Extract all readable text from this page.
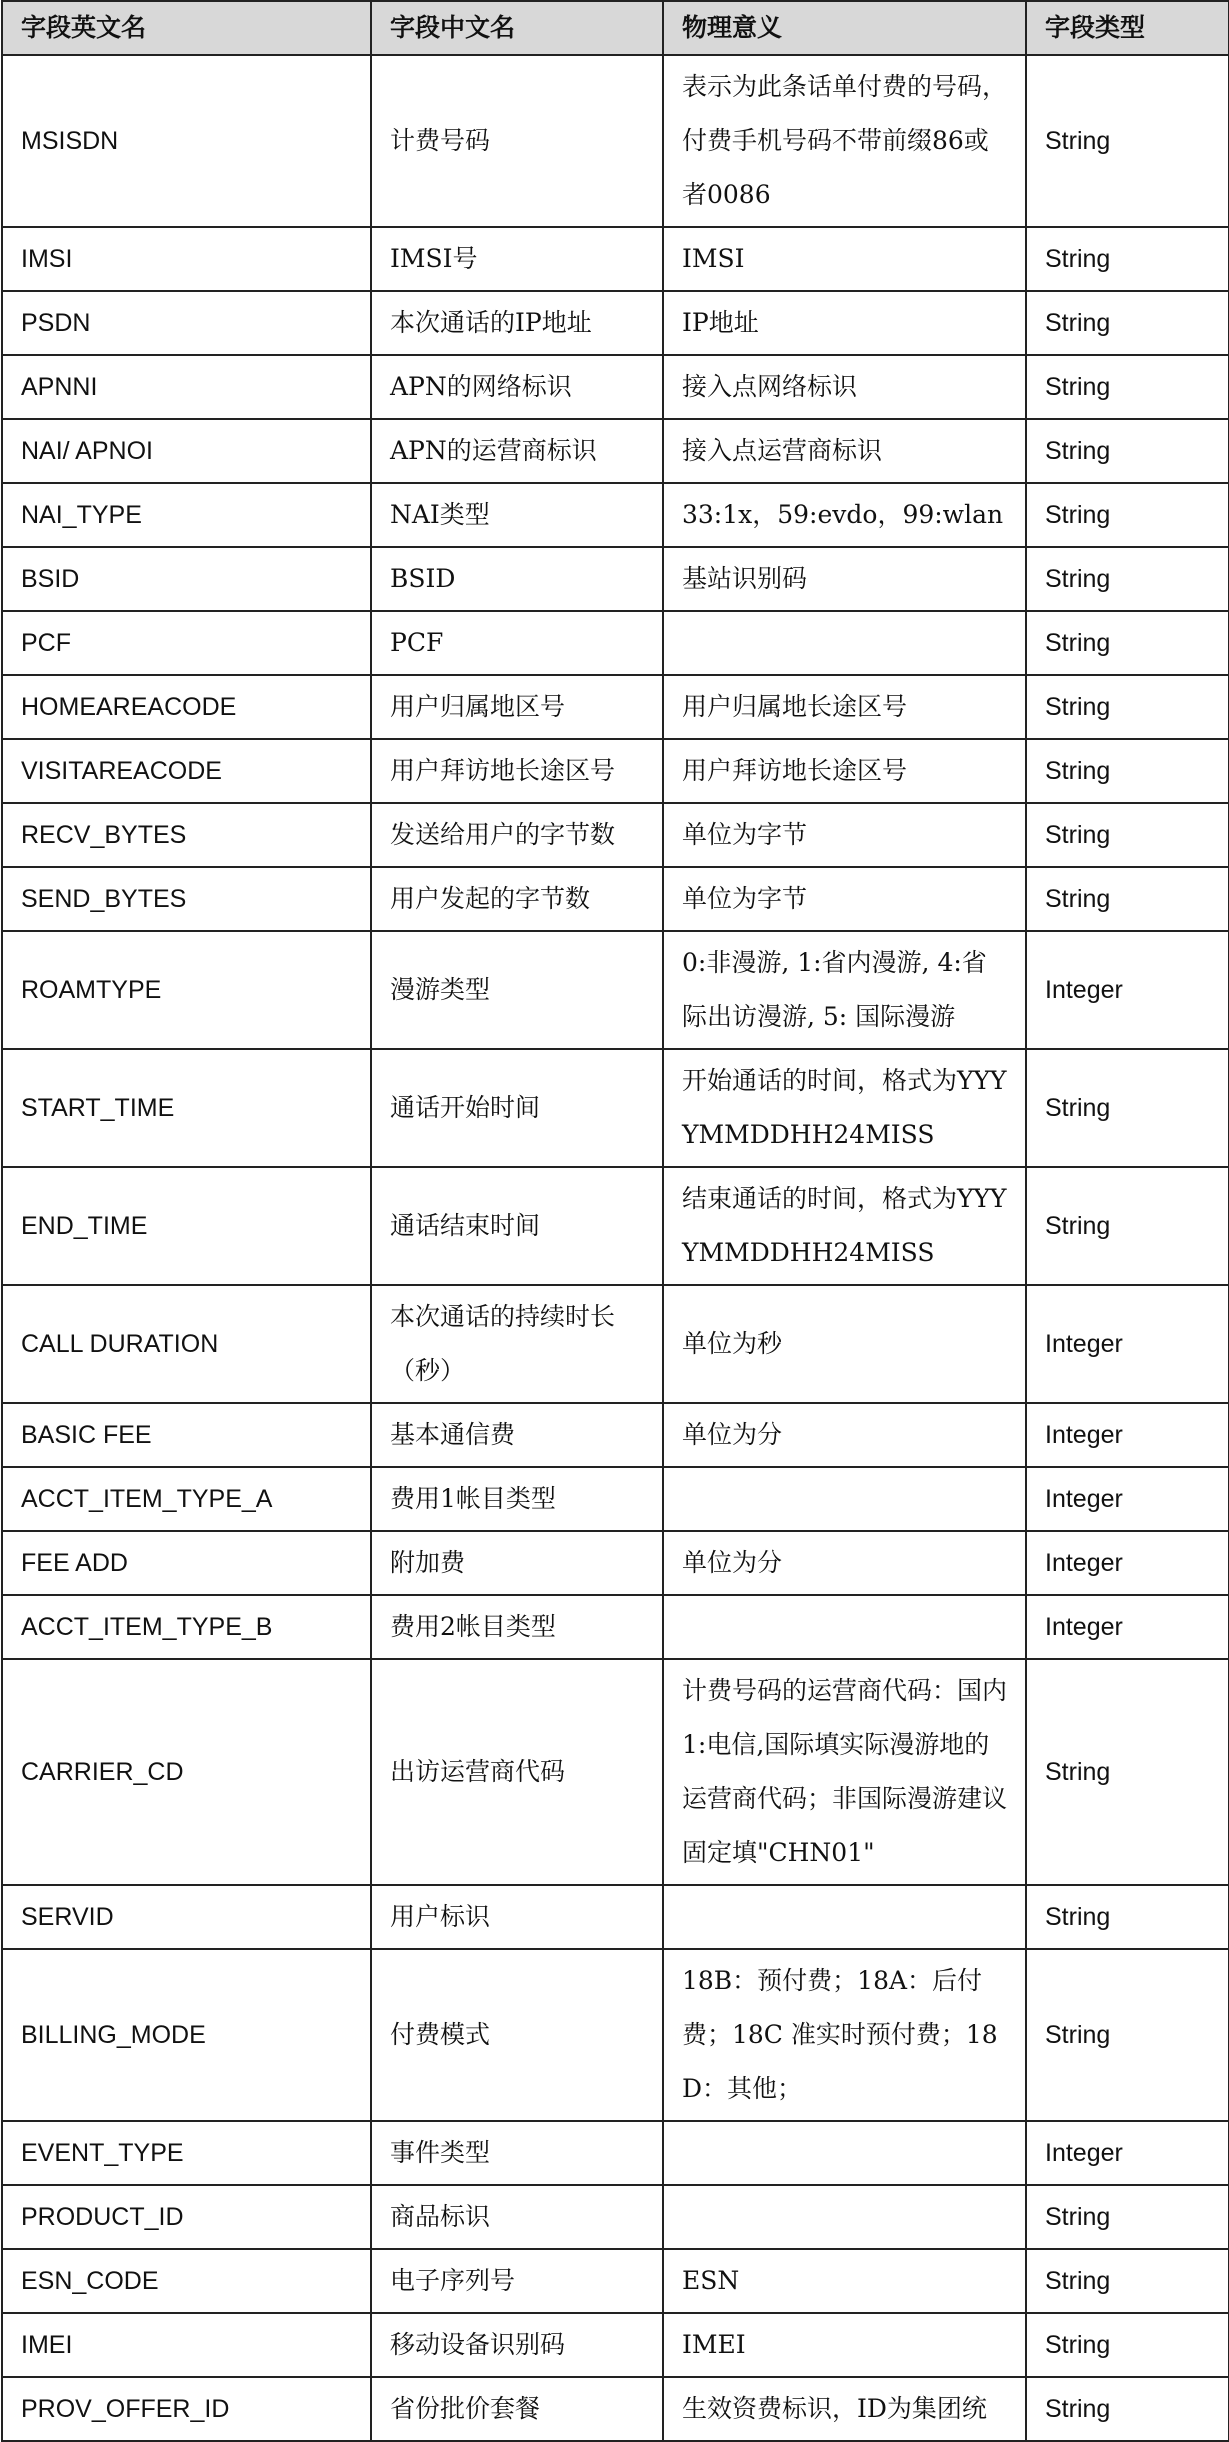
字段英文名	字段中文名	物理意义	字段类型
MSISDN	计费号码	表示为此条话单付费的号码，付费手机号码不带前缀86或者0086	String
IMSI	IMSI号	IMSI	String
PSDN	本次通话的IP地址	IP地址	String
APNNI	APN的网络标识	接入点网络标识	String
NAI/ APNOI	APN的运营商标识	接入点运营商标识	String
NAI_TYPE	NAI类型	33:1x，59:evdo，99:wlan	String
BSID	BSID	基站识别码	String
PCF	PCF		String
HOMEAREACODE	用户归属地区号	用户归属地长途区号	String
VISITAREACODE	用户拜访地长途区号	用户拜访地长途区号	String
RECV_BYTES	发送给用户的字节数	单位为字节	String
SEND_BYTES	用户发起的字节数	单位为字节	String
ROAMTYPE	漫游类型	0:非漫游, 1:省内漫游, 4:省际出访漫游, 5: 国际漫游	Integer
START_TIME	通话开始时间	开始通话的时间，格式为YYYYMMDDHH24MISS	String
END_TIME	通话结束时间	结束通话的时间，格式为YYYYMMDDHH24MISS	String
CALL DURATION	本次通话的持续时长（秒）	单位为秒	Integer
BASIC FEE	基本通信费	单位为分	Integer
ACCT_ITEM_TYPE_A	费用1帐目类型		Integer
FEE ADD	附加费	单位为分	Integer
ACCT_ITEM_TYPE_B	费用2帐目类型		Integer
CARRIER_CD	出访运营商代码	计费号码的运营商代码：国内 1:电信,国际填实际漫游地的运营商代码；非国际漫游建议固定填"CHN01"	String
SERVID	用户标识		String
BILLING_MODE	付费模式	18B：预付费；18A：后付费；18C 准实时预付费；18D：其他；	String
EVENT_TYPE	事件类型		Integer
PRODUCT_ID	商品标识		String
ESN_CODE	电子序列号	ESN	String
IMEI	移动设备识别码	IMEI	String
PROV_OFFER_ID	省份批价套餐	生效资费标识，ID为集团统	String
